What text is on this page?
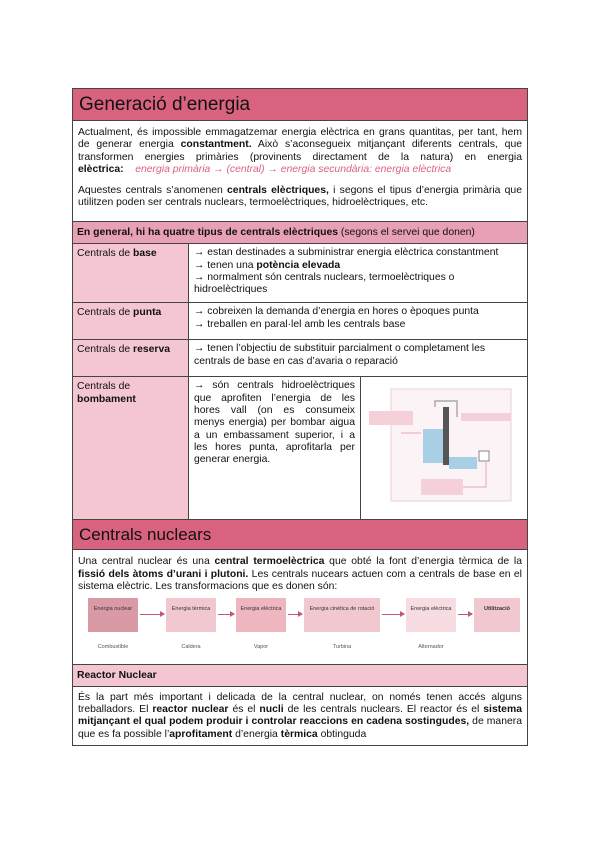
Generació d’energia

Actualment, és impossible emmagatzemar energia elèctrica en grans quantitas, per tant, hem de generar energia constantment. Això s’aconsegueix mitjançant diferents centrals, que transformen energies primàries (provinents directament de la natura) en energia elèctrica: energia primària → (central) → energia secundària: energia elèctrica

Aquestes centrals s’anomenen centrals elèctriques, i segons el tipus d’energia primària que utilitzen poden ser centrals nuclears, termoelèctriques, hidroelèctriques, etc.

En general, hi ha quatre tipus de centrals elèctriques (segons el servei que donen)
Centrals de base	→ estan destinades a subministrar energia elèctrica constantment
→ tenen una potència elevada
→ normalment són centrals nuclears, termoelèctriques o hidroelèctriques
Centrals de punta	→ cobreixen la demanda d’energia en hores o èpoques punta
→ treballen en paral·lel amb les centrals base
Centrals de reserva	→ tenen l’objectiu de substituir parcialment o completament les centrals de base en cas d’avaria o reparació
Centrals de
bombament
→ són centrals hidroelèctriques que aprofiten l’energia de les hores vall (on es consumeix menys energia) per bombar aigua a un embassament superior, i a les hores punta, aprofitarla per generar energia.
Centrals nuclears

Una central nuclear és una central termoelèctrica que obté la font d’energia tèrmica de la fissió dels àtoms d’urani i plutoni. Les centrals nucears actuen com a centrals de base en el sistema elèctric. Les transformacions que es donen són:

Energia nuclear
Combustible
Energia tèrmica
Caldera
Energia elèctrica
Vapor
Energia cinètica de rotació
Turbina
Energia elèctrica
Alternador
Utilització
Reactor Nuclear

És la part més important i delicada de la central nuclear, on només tenen accés alguns treballadors. El reactor nuclear és el nucli de les centrals nuclears. El reactor és el sistema mitjançant el qual podem produir i controlar reaccions en cadena sostingudes, de manera que es fa possible l’aprofitament d’energia tèrmica obtinguda
